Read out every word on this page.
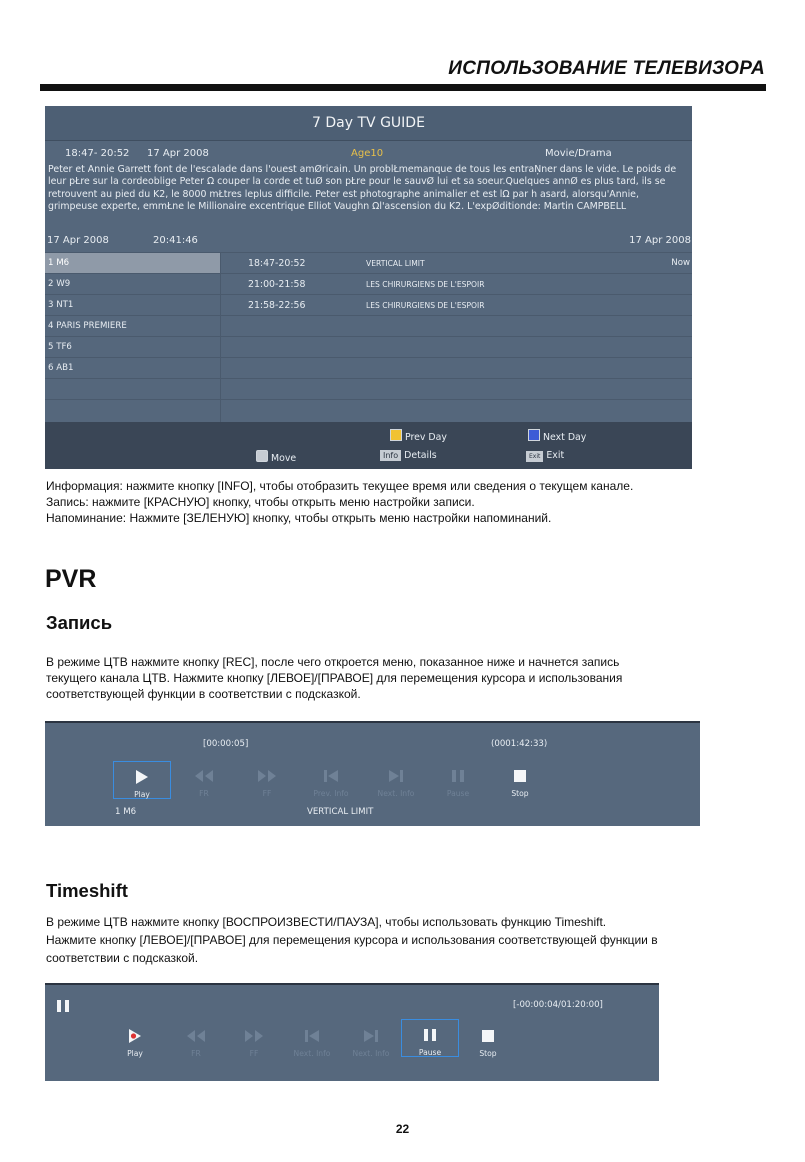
ИСПОЛЬЗОВАНИЕ ТЕЛЕВИЗОРА
7 Day TV GUIDE
18:47- 20:52 17 Apr 2008	Age10	Movie/Drama
Peter et Annie Garrett font de l'escalade dans l'ouest amØricain. Un problŁmemanque de tous les entraŅner dans le vide. Le poids de leur pŁre sur la cordeoblige Peter Ω couper la corde et tuØ son pŁre pour le sauvØ lui et sa soeur.Quelques annØ es plus tard, ils se retrouvent au pied du K2, le 8000 mŁtres leplus difficile. Peter est photographe animalier et est lΩ par h asard, alorsqu'Annie, grimpeuse experte, emmŁne le Millionaire excentrique Elliot Vaughn Ωl'ascension du K2. L'expØditionde: Martin CAMPBELL
17 Apr 2008	20:41:46	17 Apr 2008
1 M6	18:47-20:52	VERTICAL LIMIT	Now
2 W9	21:00-21:58	LES CHIRURGIENS DE L'ESPOIR
3 NT1	21:58-22:56	LES CHIRURGIENS DE L'ESPOIR
4 PARIS PREMIERE
5 TF6
6 AB1
Prev Day	Next Day
Move	Info Details	Exit Exit
Информация: нажмите кнопку [INFO], чтобы отобразить текущее время или сведения о текущем канале.
Запись: нажмите [КРАСНУЮ] кнопку, чтобы открыть меню настройки записи.
Напоминание: Нажмите [ЗЕЛЕНУЮ] кнопку, чтобы открыть меню настройки напоминаний.
PVR
Запись
В режиме ЦТВ нажмите кнопку [REC], после чего откроется меню, показанное ниже и начнется запись
текущего канала ЦТВ. Нажмите кнопку [ЛЕВОЕ]/[ПРАВОЕ] для перемещения курсора и использования
соответствующей функции в соответствии с подсказкой.
[00:00:05]	(0001:42:33)
Play	FR	FF	Prev. Info	Next. Info	Pause	Stop
1 M6	VERTICAL LIMIT
Timeshift
В режиме ЦТВ нажмите кнопку [ВОСПРОИЗВЕСТИ/ПАУЗА], чтобы использовать функцию Timeshift.
Нажмите кнопку [ЛЕВОЕ]/[ПРАВОЕ] для перемещения курсора и использования соответствующей функции в
соответствии с подсказкой.
[-00:00:04/01:20:00]
Play	FR	FF	Next. Info	Next. Info	Pause	Stop
22
